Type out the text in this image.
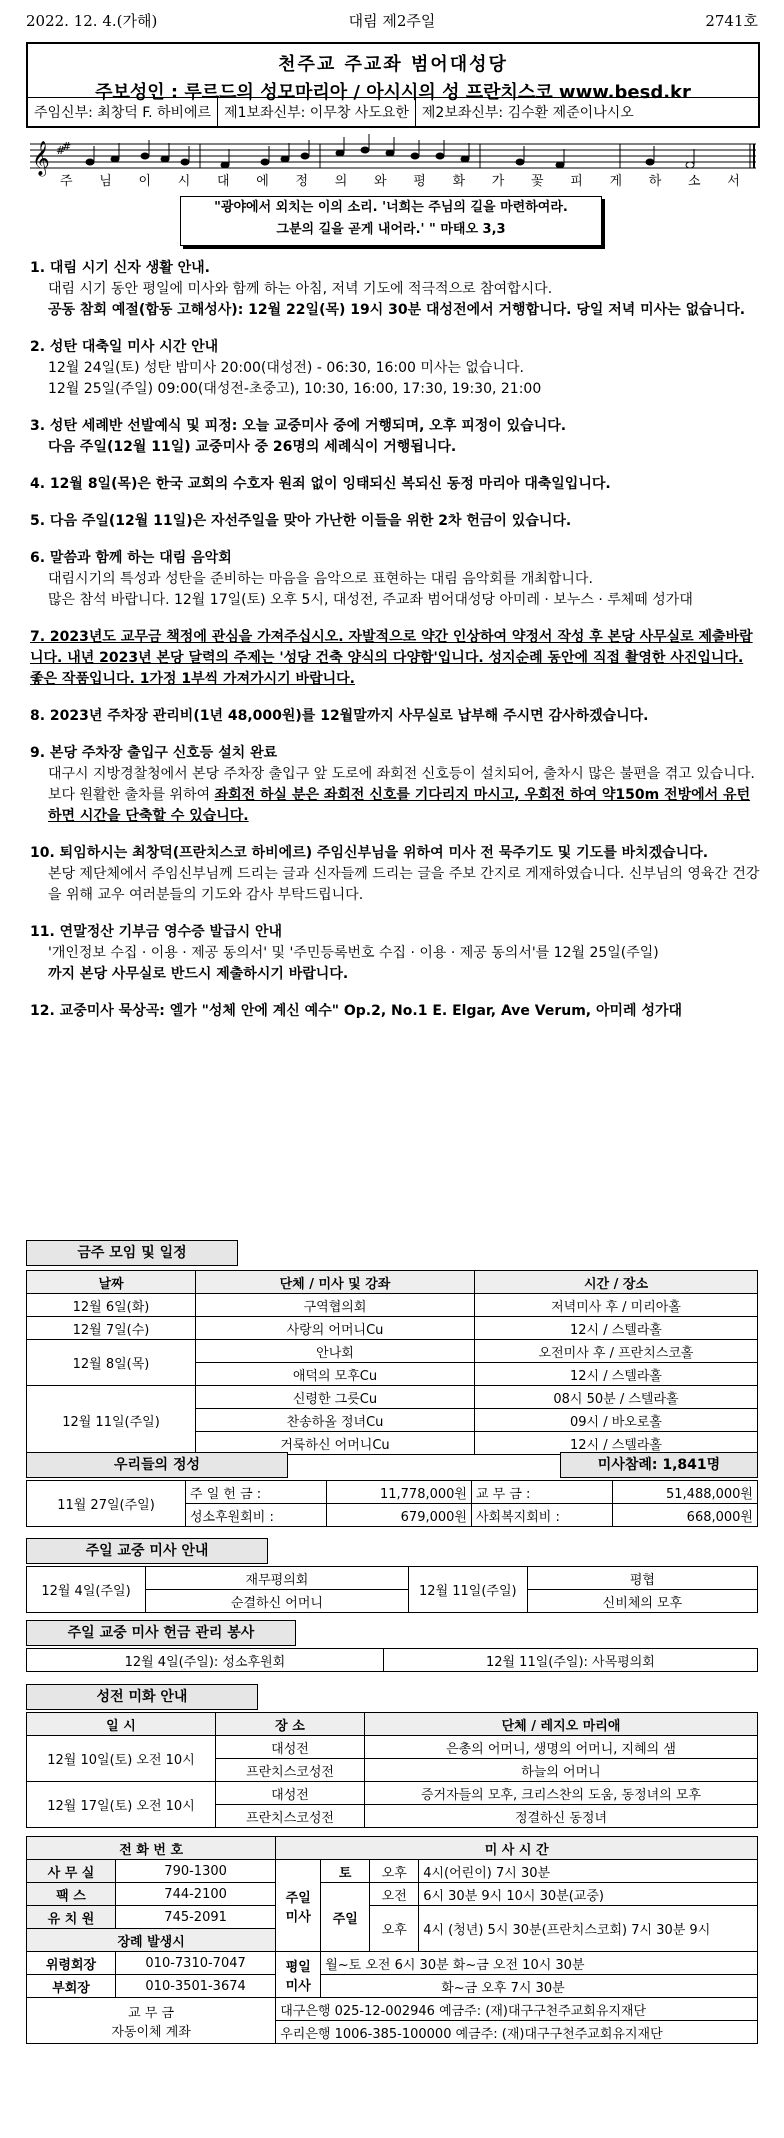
2022. 12. 4.(가해)	대림 제2주일	2741호
천주교 주교좌 범어대성당
주보성인 : 루르드의 성모마리아 / 아시시의 성 프란치스코 www.besd.kr
주임신부: 최창덕 F. 하비에르 제1보좌신부: 이무창 사도요한 제2보좌신부: 김수환 제준이나시오
𝄞 #
#
주 님 이 시 대 에 정 의 와 평 화 가 꽃 피 게 하 소 서
"광야에서 외치는 이의 소리. '너희는 주님의 길을 마련하여라.
그분의 길을 곧게 내어라.' " 마태오 3,3
1. 대림 시기 신자 생활 안내.
대림 시기 동안 평일에 미사와 함께 하는 아침, 저녁 기도에 적극적으로 참여합시다.
공동 참회 예절(합동 고해성사): 12월 22일(목) 19시 30분 대성전에서 거행합니다. 당일 저녁 미사는 없습니다.
2. 성탄 대축일 미사 시간 안내
12월 24일(토) 성탄 밤미사 20:00(대성전) - 06:30, 16:00 미사는 없습니다.
12월 25일(주일) 09:00(대성전-초중고), 10:30, 16:00, 17:30, 19:30, 21:00
3. 성탄 세례반 선발예식 및 피정: 오늘 교중미사 중에 거행되며, 오후 피정이 있습니다.
다음 주일(12월 11일) 교중미사 중 26명의 세례식이 거행됩니다.
4. 12월 8일(목)은 한국 교회의 수호자 원죄 없이 잉태되신 복되신 동정 마리아 대축일입니다.
5. 다음 주일(12월 11일)은 자선주일을 맞아 가난한 이들을 위한 2차 헌금이 있습니다.
6. 말씀과 함께 하는 대림 음악회
대림시기의 특성과 성탄을 준비하는 마음을 음악으로 표현하는 대림 음악회를 개최합니다.
많은 참석 바랍니다. 12월 17일(토) 오후 5시, 대성전, 주교좌 범어대성당 아미레 · 보누스 · 루체떼 성가대
7. 2023년도 교무금 책정에 관심을 가져주십시오. 자발적으로 약간 인상하여 약정서 작성 후 본당 사무실로 제출바랍니다. 내년 2023년 본당 달력의 주제는 '성당 건축 양식의 다양함'입니다. 성지순례 동안에 직접 촬영한 사진입니다. 좋은 작품입니다. 1가정 1부씩 가져가시기 바랍니다.
8. 2023년 주차장 관리비(1년 48,000원)를 12월말까지 사무실로 납부해 주시면 감사하겠습니다.
9. 본당 주차장 출입구 신호등 설치 완료
대구시 지방경찰청에서 본당 주차장 출입구 앞 도로에 좌회전 신호등이 설치되어, 출차시 많은 불편을 겪고 있습니다. 보다 원활한 출차를 위하여 좌회전 하실 분은 좌회전 신호를 기다리지 마시고, 우회전 하여 약150m 전방에서 유턴하면 시간을 단축할 수 있습니다.
10. 퇴임하시는 최창덕(프란치스코 하비에르) 주임신부님을 위하여 미사 전 묵주기도 및 기도를 바치겠습니다.
본당 제단체에서 주임신부님께 드리는 글과 신자들께 드리는 글을 주보 간지로 게재하였습니다. 신부님의 영육간 건강을 위해 교우 여러분들의 기도와 감사 부탁드립니다.
11. 연말정산 기부금 영수증 발급시 안내
'개인정보 수집 · 이용 · 제공 동의서' 및 '주민등록번호 수집 · 이용 · 제공 동의서'를 12월 25일(주일)
까지 본당 사무실로 반드시 제출하시기 바랍니다.
12. 교중미사 묵상곡: 엘가 "성체 안에 계신 예수" Op.2, No.1 E. Elgar, Ave Verum, 아미레 성가대
금주 모임 및 일정
날짜	단체 / 미사 및 강좌	시간 / 장소
12월 6일(화)	구역협의회	저녁미사 후 / 미리아홀
12월 7일(수)	사랑의 어머니Cu	12시 / 스텔라홀
12월 8일(목)	안나회	오전미사 후 / 프란치스코홀
	애덕의 모후Cu	12시 / 스텔라홀
12월 11일(주일)	신령한 그릇Cu	08시 50분 / 스텔라홀
	찬송하올 정녀Cu	09시 / 바오로홀
	거룩하신 어머니Cu	12시 / 스텔라홀
우리들의 정성	미사참례: 1,841명
11월 27일(주일)	주 일 헌 금 :	11,778,000원	교 무 금 :	51,488,000원
	성소후원회비 :	679,000원	사회복지회비 :	668,000원
주일 교중 미사 안내
12월 4일(주일)	재무평의회	12월 11일(주일)	평협
	순결하신 어머니		신비체의 모후
주일 교중 미사 헌금 관리 봉사
12월 4일(주일): 성소후원회	12월 11일(주일): 사목평의회
성전 미화 안내
일 시	장 소	단체 / 레지오 마리애
12월 10일(토) 오전 10시	대성전	은총의 어머니, 생명의 어머니, 지혜의 샘
	프란치스코성전	하늘의 어머니
12월 17일(토) 오전 10시	대성전	증거자들의 모후, 크리스찬의 도움, 동정녀의 모후
	프란치스코성전	정결하신 동정녀
전 화 번 호		미 사 시 간			
사 무 실	790-1300	주일 미사	토	오후	4시(어린이) 7시 30분
팩 스	744-2100		주일	오전	6시 30분 9시 10시 30분(교중)
유 치 원	745-2091			오후	4시 (청년) 5시 30분(프란치스코회) 7시 30분 9시
장례 발생시					
위령회장	010-7310-7047	평일 미사	월~토 오전 6시 30분 화~금 오전 10시 30분		
부회장	010-3501-3674		화~금 오후 7시 30분		
교 무 금
자동이체 계좌		대구은행 025-12-002946 예금주: (재)대구구천주교회유지재단			
		우리은행 1006-385-100000 예금주: (재)대구구천주교회유지재단			
